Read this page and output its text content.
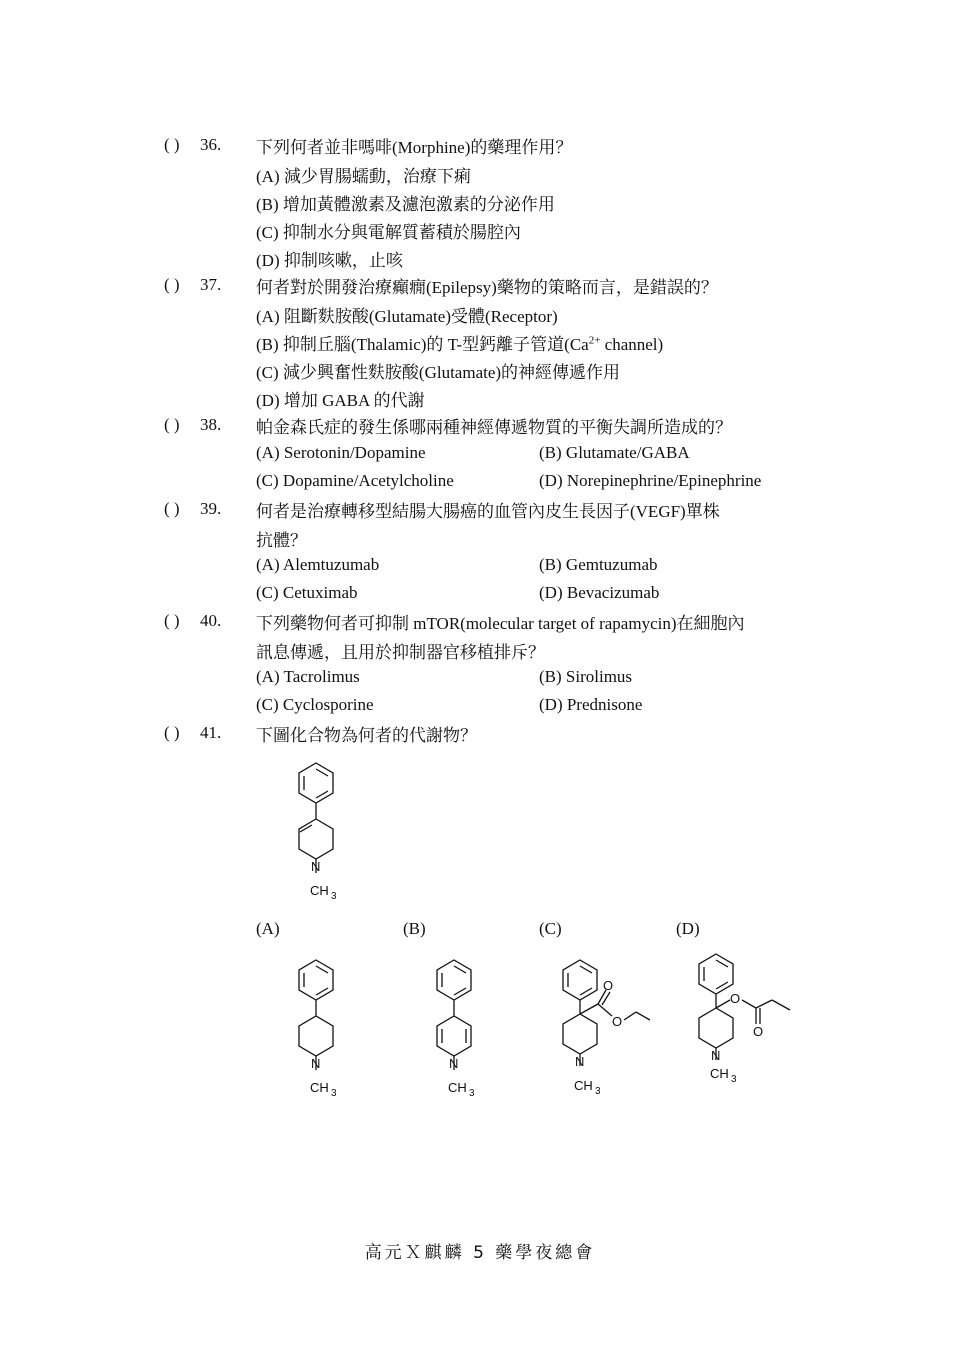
( ) 36. 下列何者並非嗎啡(Morphine)的藥理作用？
(A) 減少胃腸蠕動，治療下痢
(B) 增加黃體激素及濾泡激素的分泌作用
(C) 抑制水分與電解質蓄積於腸腔內
(D) 抑制咳嗽，止咳
( ) 37. 何者對於開發治療癲癇(Epilepsy)藥物的策略而言，是錯誤的？
(A) 阻斷麩胺酸(Glutamate)受體(Receptor)
(B) 抑制丘腦(Thalamic)的 T-型鈣離子管道($Ca^{2+}$ channel)
(C) 減少興奮性麩胺酸(Glutamate)的神經傳遞作用
(D) 增加 GABA 的代謝
( ) 38. 帕金森氏症的發生係哪兩種神經傳遞物質的平衡失調所造成的？
(A) Serotonin/Dopamine	(B) Glutamate/GABA
(C) Dopamine/Acetylcholine	(D) Norepinephrine/Epinephrine
( ) 39. 何者是治療轉移型結腸大腸癌的血管內皮生長因子(VEGF)單株
抗體？
(A) Alemtuzumab	(B) Gemtuzumab
(C) Cetuximab	(D) Bevacizumab
( ) 40. 下列藥物何者可抑制 mTOR(molecular target of rapamycin)在細胞內
訊息傳遞，且用於抑制器官移植排斥？
(A) Tacrolimus	(B) Sirolimus
(C) Cyclosporine	(D) Prednisone
( ) 41. 下圖化合物為何者的代謝物？
N
CH 3
(A)	(B)	(C)	(D)
N
CH 3
N
CH 3
O
O
N
CH 3
O
O
N
CH 3
高元Ｘ麒麟 5 藥學夜總會
